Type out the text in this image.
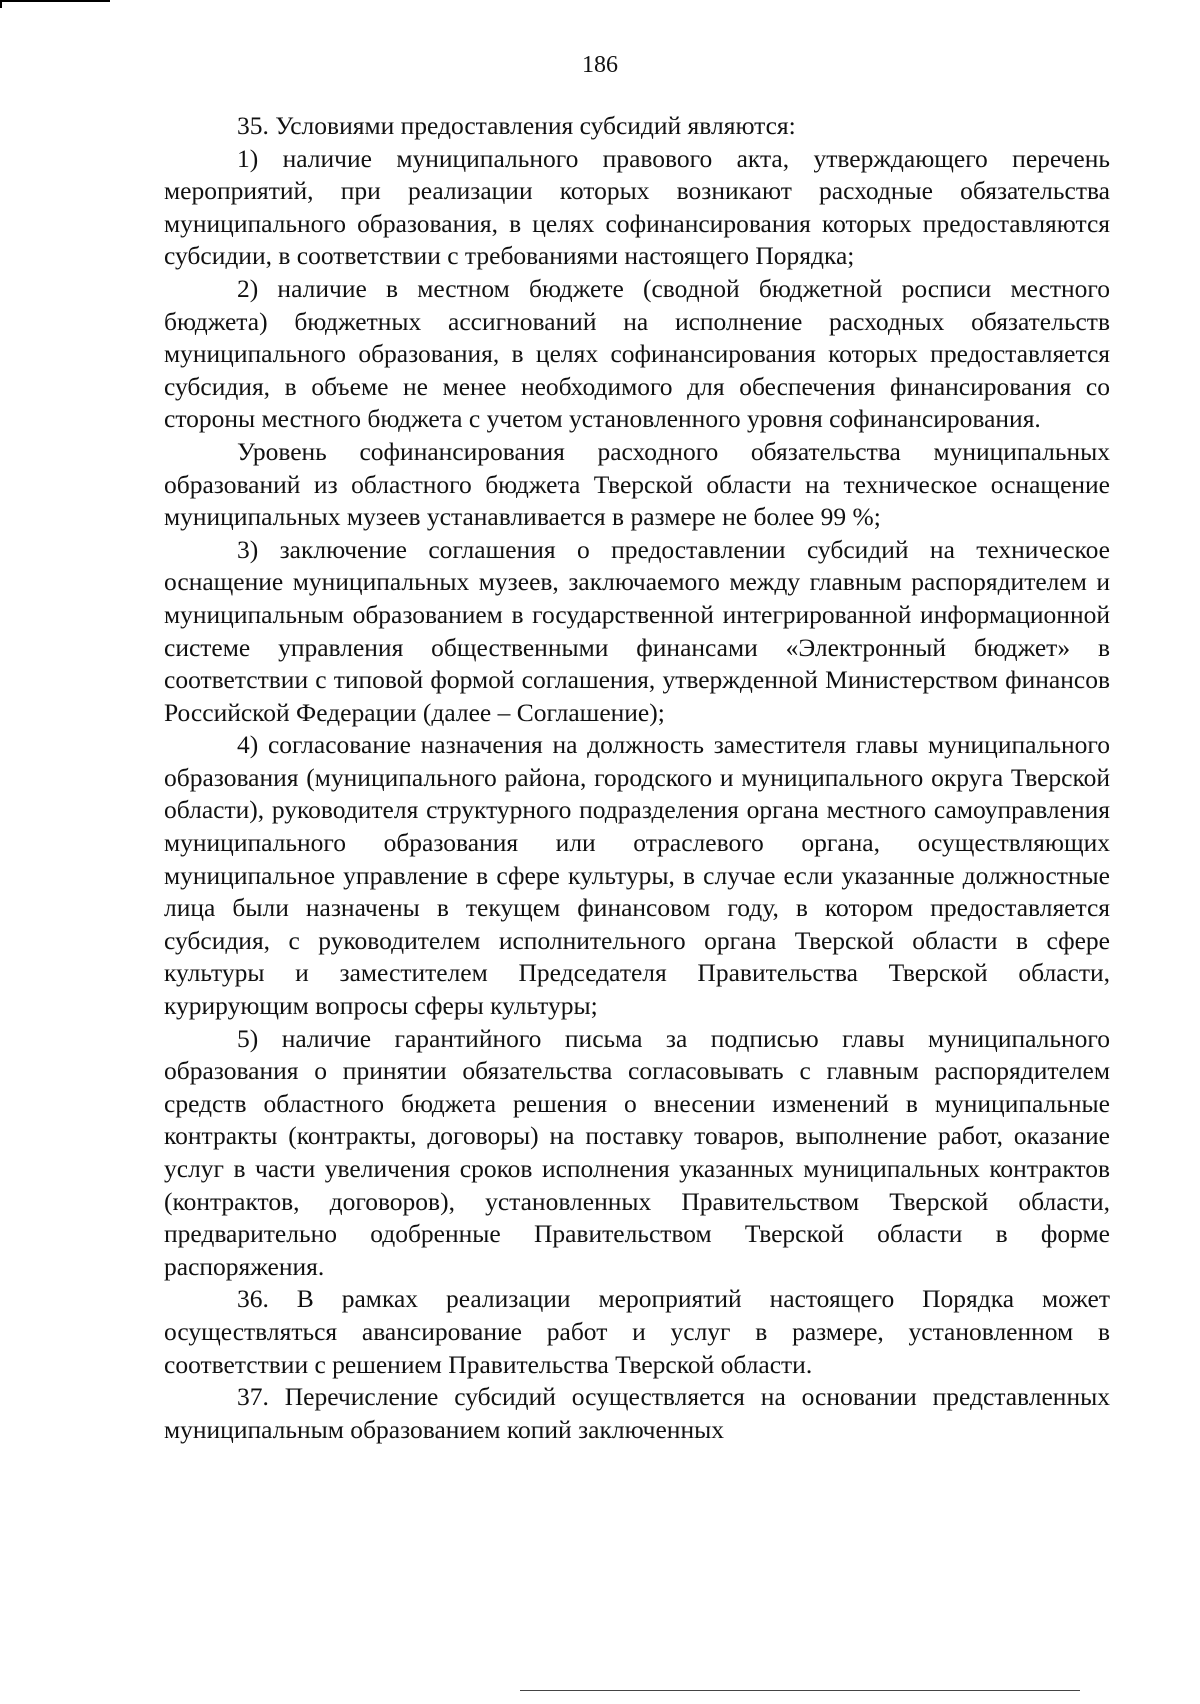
186

35. Условиями предоставления субсидий являются:

1) наличие муниципального правового акта, утверждающего перечень мероприятий, при реализации которых возникают расходные обязательства муниципального образования, в целях софинансирования которых предоставляются субсидии, в соответствии с требованиями настоящего Порядка;

2) наличие в местном бюджете (сводной бюджетной росписи местного бюджета) бюджетных ассигнований на исполнение расходных обязательств муниципального образования, в целях софинансирования которых предоставляется субсидия, в объеме не менее необходимого для обеспечения финансирования со стороны местного бюджета с учетом установленного уровня софинансирования.

Уровень софинансирования расходного обязательства муниципальных образований из областного бюджета Тверской области на техническое оснащение муниципальных музеев устанавливается в размере не более 99 %;

3) заключение соглашения о предоставлении субсидий на техническое оснащение муниципальных музеев, заключаемого между главным распорядителем и муниципальным образованием в государственной интегрированной информационной системе управления общественными финансами «Электронный бюджет» в соответствии с типовой формой соглашения, утвержденной Министерством финансов Российской Федерации (далее – Соглашение);

4) согласование назначения на должность заместителя главы муниципального образования (муниципального района, городского и муниципального округа Тверской области), руководителя структурного подразделения органа местного самоуправления муниципального образования или отраслевого органа, осуществляющих муниципальное управление в сфере культуры, в случае если указанные должностные лица были назначены в текущем финансовом году, в котором предоставляется субсидия, с руководителем исполнительного органа Тверской области в сфере культуры и заместителем Председателя Правительства Тверской области, курирующим вопросы сферы культуры;

5) наличие гарантийного письма за подписью главы муниципального образования о принятии обязательства согласовывать с главным распорядителем средств областного бюджета решения о внесении изменений в муниципальные контракты (контракты, договоры) на поставку товаров, выполнение работ, оказание услуг в части увеличения сроков исполнения указанных муниципальных контрактов (контрактов, договоров), установленных Правительством Тверской области, предварительно одобренные Правительством Тверской области в форме распоряжения.

36. В рамках реализации мероприятий настоящего Порядка может осуществляться авансирование работ и услуг в размере, установленном в соответствии с решением Правительства Тверской области.

37. Перечисление субсидий осуществляется на основании представленных муниципальным образованием копий заключенных
